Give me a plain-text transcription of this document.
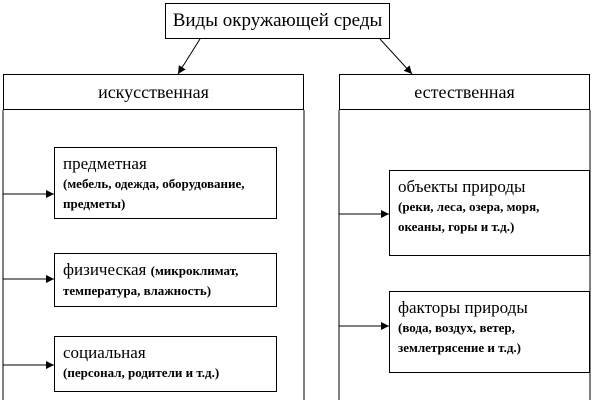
Виды окружающей среды
искусственная	естественная
предметная
(мебель, одежда, оборудование, предметы)
физическая (микроклимат, температура, влажность)
социальная
(персонал, родители и т.д.)
объекты природы
(реки, леса, озера, моря, океаны, горы и т.д.)
факторы природы
(вода, воздух, ветер, землетрясение и т.д.)
